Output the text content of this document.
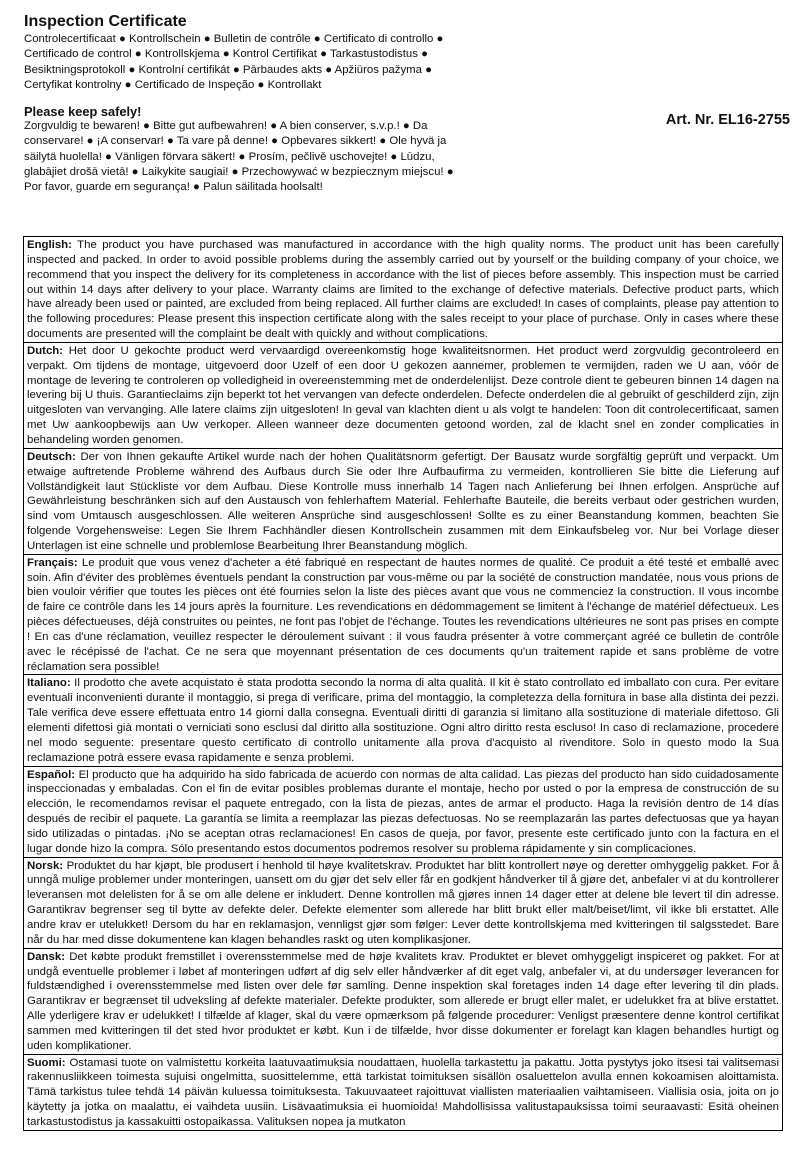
Inspection Certificate
Controlecertificaat ● Kontrollschein ● Bulletin de contrôle ● Certificato di controllo ● Certificado de control ● Kontrollskjema ● Kontrol Certifikat ● Tarkastustodistus ● Besiktningsprotokoll ● Kontrolní certifikát ● Pārbaudes akts ● Apžiūros pažyma ● Certyfikat kontrolny ● Certificado de Inspeção ● Kontrollakt
Please keep safely!
Zorgvuldig te bewaren! ● Bitte gut aufbewahren! ● A bien conserver, s.v.p.! ● Da conservare! ● ¡A conservar! ● Ta vare på denne! ● Opbevares sikkert! ● Ole hyvä ja säilytä huolella! ● Vänligen förvara säkert! ● Prosím, pečlivě uschovejte! ● Lūdzu, glabājiet drošā vietā! ● Laikykite saugiai! ● Przechowywać w bezpiecznym miejscu! ● Por favor, guarde em segurança! ● Palun säilitada hoolsalt!
Art. Nr. EL16-2755
English: The product you have purchased was manufactured in accordance with the high quality norms. The product unit has been carefully inspected and packed. In order to avoid possible problems during the assembly carried out by yourself or the building company of your choice, we recommend that you inspect the delivery for its completeness in accordance with the list of pieces before assembly. This inspection must be carried out within 14 days after delivery to your place. Warranty claims are limited to the exchange of defective materials. Defective product parts, which have already been used or painted, are excluded from being replaced. All further claims are excluded! In cases of complaints, please pay attention to the following procedures: Please present this inspection certificate along with the sales receipt to your place of purchase. Only in cases where these documents are presented will the complaint be dealt with quickly and without complications.
Dutch: Het door U gekochte product werd vervaardigd overeenkomstig hoge kwaliteitsnormen. Het product werd zorgvuldig gecontroleerd en verpakt. Om tijdens de montage, uitgevoerd door Uzelf of een door U gekozen aannemer, problemen te vermijden, raden we U aan, vóór de montage de levering te controleren op volledigheid in overeenstemming met de onderdelenlijst. Deze controle dient te gebeuren binnen 14 dagen na levering bij U thuis. Garantieclaims zijn beperkt tot het vervangen van defecte onderdelen. Defecte onderdelen die al gebruikt of geschilderd zijn, zijn uitgesloten van vervanging. Alle latere claims zijn uitgesloten! In geval van klachten dient u als volgt te handelen: Toon dit controlecertificaat, samen met Uw aankoopbewijs aan Uw verkoper. Alleen wanneer deze documenten getoond worden, zal de klacht snel en zonder complicaties in behandeling worden genomen.
Deutsch: Der von Ihnen gekaufte Artikel wurde nach der hohen Qualitätsnorm gefertigt. Der Bausatz wurde sorgfältig geprüft und verpackt. Um etwaige auftretende Probleme während des Aufbaus durch Sie oder Ihre Aufbaufirma zu vermeiden, kontrollieren Sie bitte die Lieferung auf Vollständigkeit laut Stückliste vor dem Aufbau. Diese Kontrolle muss innerhalb 14 Tagen nach Anlieferung bei Ihnen erfolgen. Ansprüche auf Gewährleistung beschränken sich auf den Austausch von fehlerhaftem Material. Fehlerhafte Bauteile, die bereits verbaut oder gestrichen wurden, sind vom Umtausch ausgeschlossen. Alle weiteren Ansprüche sind ausgeschlossen! Sollte es zu einer Beanstandung kommen, beachten Sie folgende Vorgehensweise: Legen Sie Ihrem Fachhändler diesen Kontrollschein zusammen mit dem Einkaufsbeleg vor. Nur bei Vorlage dieser Unterlagen ist eine schnelle und problemlose Bearbeitung Ihrer Beanstandung möglich.
Français: Le produit que vous venez d'acheter a été fabriqué en respectant de hautes normes de qualité. Ce produit a été testé et emballé avec soin. Afin d'éviter des problèmes éventuels pendant la construction par vous-même ou par la société de construction mandatée, nous vous prions de bien vouloir vérifier que toutes les pièces ont été fournies selon la liste des pièces avant que vous ne commenciez la construction. Il vous incombe de faire ce contrôle dans les 14 jours après la fourniture. Les revendications en dédommagement se limitent à l'échange de matériel défectueux. Les pièces défectueuses, déjà construites ou peintes, ne font pas l'objet de l'échange. Toutes les revendications ultérieures ne sont pas prises en compte ! En cas d'une réclamation, veuillez respecter le déroulement suivant : il vous faudra présenter à votre commerçant agréé ce bulletin de contrôle avec le récépissé de l'achat. Ce ne sera que moyennant présentation de ces documents qu'un traitement rapide et sans problème de votre réclamation sera possible!
Italiano: Il prodotto che avete acquistato è stata prodotta secondo la norma di alta qualità. Il kit è stato controllato ed imballato con cura. Per evitare eventuali inconvenienti durante il montaggio, si prega di verificare, prima del montaggio, la completezza della fornitura in base alla distinta dei pezzi. Tale verifica deve essere effettuata entro 14 giorni dalla consegna. Eventuali diritti di garanzia si limitano alla sostituzione di materiale difettoso. Gli elementi difettosi già montati o verniciati sono esclusi dal diritto alla sostituzione. Ogni altro diritto resta escluso! In caso di reclamazione, procedere nel modo seguente: presentare questo certificato di controllo unitamente alla prova d'acquisto al rivenditore. Solo in questo modo la Sua reclamazione potrà essere evasa rapidamente e senza problemi.
Español: El producto que ha adquirido ha sido fabricada de acuerdo con normas de alta calidad. Las piezas del producto han sido cuidadosamente inspeccionadas y embaladas. Con el fin de evitar posibles problemas durante el montaje, hecho por usted o por la empresa de construcción de su elección, le recomendamos revisar el paquete entregado, con la lista de piezas, antes de armar el producto. Haga la revisión dentro de 14 días después de recibir el paquete. La garantía se limita a reemplazar las piezas defectuosas. No se reemplazarán las partes defectuosas que ya hayan sido utilizadas o pintadas. ¡No se aceptan otras reclamaciones! En casos de queja, por favor, presente este certificado junto con la factura en el lugar donde hizo la compra. Sólo presentando estos documentos podremos resolver su problema rápidamente y sin complicaciones.
Norsk: Produktet du har kjøpt, ble produsert i henhold til høye kvalitetskrav. Produktet har blitt kontrollert nøye og deretter omhyggelig pakket. For å unngå mulige problemer under monteringen, uansett om du gjør det selv eller får en godkjent håndverker til å gjøre det, anbefaler vi at du kontrollerer leveransen mot delelisten for å se om alle delene er inkludert. Denne kontrollen må gjøres innen 14 dager etter at delene ble levert til din adresse. Garantikrav begrenser seg til bytte av defekte deler. Defekte elementer som allerede har blitt brukt eller malt/beiset/limt, vil ikke bli erstattet. Alle andre krav er utelukket! Dersom du har en reklamasjon, vennligst gjør som følger: Lever dette kontrollskjema med kvitteringen til salgsstedet. Bare når du har med disse dokumentene kan klagen behandles raskt og uten komplikasjoner.
Dansk: Det købte produkt fremstillet i overensstemmelse med de høje kvalitets krav. Produktet er blevet omhyggeligt inspiceret og pakket. For at undgå eventuelle problemer i løbet af monteringen udført af dig selv eller håndværker af dit eget valg, anbefaler vi, at du undersøger leverancen for fuldstændighed i overensstemmelse med listen over dele før samling. Denne inspektion skal foretages inden 14 dage efter levering til din plads. Garantikrav er begrænset til udveksling af defekte materialer. Defekte produkter, som allerede er brugt eller malet, er udelukket fra at blive erstattet. Alle yderligere krav er udelukket! I tilfælde af klager, skal du være opmærksom på følgende procedurer: Venligst præsentere denne kontrol certifikat sammen med kvitteringen til det sted hvor produktet er købt. Kun i de tilfælde, hvor disse dokumenter er forelagt kan klagen behandles hurtigt og uden komplikationer.
Suomi: Ostamasi tuote on valmistettu korkeita laatuvaatimuksia noudattaen, huolella tarkastettu ja pakattu. Jotta pystytys joko itsesi tai valitsemasi rakennusliikkeen toimesta sujuisi ongelmitta, suosittelemme, että tarkistat toimituksen sisällön osaluettelon avulla ennen kokoamisen aloittamista. Tämä tarkistus tulee tehdä 14 päivän kuluessa toimituksesta. Takuuvaateet rajoittuvat viallisten materiaalien vaihtamiseen. Viallisia osia, joita on jo käytetty ja jotka on maalattu, ei vaihdeta uusiin. Lisävaatimuksia ei huomioida! Mahdollisissa valitustapauksissa toimi seuraavasti: Esitä oheinen tarkastustodistus ja kassakuitti ostopaikassa. Valituksen nopea ja mutkaton
